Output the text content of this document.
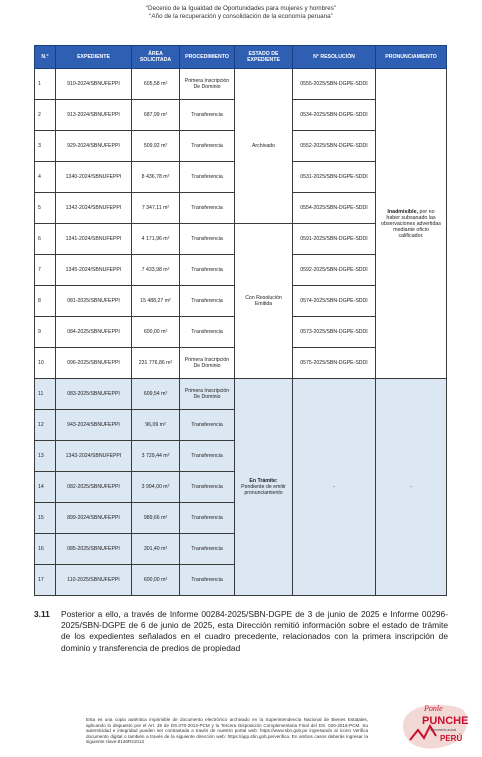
“Decenio de la Igualdad de Oportunidades para mujeres y hombres”
“Año de la recuperación y consolidación de la economía peruana”
N.°	EXPEDIENTE	ÁREA SOLICITADA	PROCEDIMIENTO	ESTADO DE EXPEDIENTE	N° RESOLUCIÓN	PRONUNCIAMIENTO
1	910-2024/SBNUFEPPI	605,58 m²	Primera Inscripción De Dominio	Archivado	0555-2025/SBN-DGPE-SDDI	Inadmisible, por no haber subsanado las observaciones advertidas mediante oficio calificador.
2	913-2024/SBNUFEPPI	687,99 m²	Transferencia		0534-2025/SBN-DGPE-SDDI	
3	929-2024/SBNUFEPPI	509,92 m²	Transferencia		0552-2025/SBN-DGPE-SDDI	
4	1340-2024/SBNUFEPPI	8 436,78 m²	Transferencia		0531-2025/SBN-DGPE-SDDI	
5	1342-2024/SBNUFEPPI	7 347,11 m²	Transferencia		0554-2025/SBN-DGPE-SDDI	
6	1341-2024/SBNUFEPPI	4 171,96 m²	Transferencia	Con Resolución Emitida	0591-2025/SBN-DGPE-SDDI	
7	1345-2024/SBNUFEPPI	7 433,98 m²	Transferencia		0592-2025/SBN-DGPE-SDDI	
8	081-2025/SBNUFEPPI	15 488,27 m²	Transferencia		0574-2025/SBN-DGPE-SDDI	
9	084-2025/SBNUFEPPI	600,00 m²	Transferencia		0573-2025/SBN-DGPE-SDDI	
10	096-2025/SBNUFEPPI	231 776,86 m²	Primera Inscripción De Dominio		0575-2025/SBN-DGPE-SDDI	
11	083-2025/SBNUFEPPI	609,54 m²	Primera Inscripción De Dominio	En Trámite:
Pendiente de emitir pronunciamiento	-	-
12	943-2024/SBNUFEPPI	96,09 m²	Transferencia			
13	1343-2024/SBNUFEPPI	3 729,44 m²	Transferencia			
14	082-2025/SBNUFEPPI	3 994,00 m²	Transferencia			
15	899-2024/SBNUFEPPI	989,66 m²	Transferencia			
16	085-2025/SBNUFEPPI	301,40 m²	Transferencia			
17	110-2025/SBNUFEPPI	600,00 m²	Transferencia			
3.11 Posterior a ello, a través de Informe 00284-2025/SBN-DGPE de 3 de junio de 2025 e Informe 00296-2025/SBN-DGPE de 6 de junio de 2025, esta Dirección remitió información sobre el estado de trámite de los expedientes señalados en el cuadro precedente, relacionados con la primera inscripción de dominio y transferencia de predios de propiedad
Esta es una copia auténtica imprimible de documento electrónico archivado en la Superintendencia Nacional de Bienes Estatales, aplicando lo dispuesto por el Art. 25 de DS.070-2013-PCM y la Tercera Disposición Complementaria Final del DS. 026-2016-PCM. Su autenticidad e integridad pueden ser contrastada a través de nuestro portal web: https://www.sbn.gob.pe ingresando al ícono Verifica documento digital o también a través de la siguiente dirección web: https://app.sbn.gob.pe/verifica. En ambos casos deberás ingresar la siguiente clave:8146R21013
Ponle
PUNCHE
al momento actual
PERÚ
